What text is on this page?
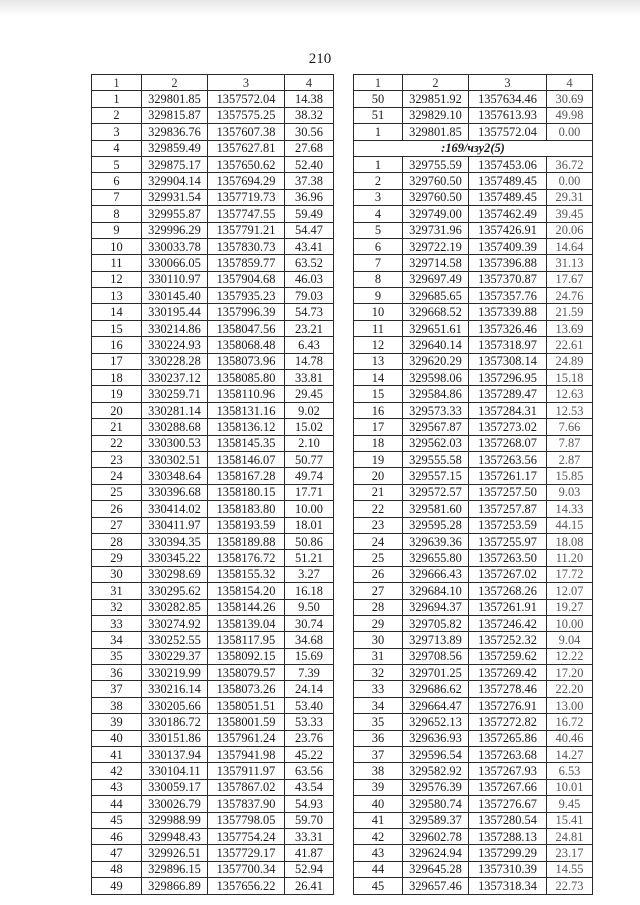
210
1	2	3	4
1	329801.85	1357572.04	14.38
2	329815.87	1357575.25	38.32
3	329836.76	1357607.38	30.56
4	329859.49	1357627.81	27.68
5	329875.17	1357650.62	52.40
6	329904.14	1357694.29	37.38
7	329931.54	1357719.73	36.96
8	329955.87	1357747.55	59.49
9	329996.29	1357791.21	54.47
10	330033.78	1357830.73	43.41
11	330066.05	1357859.77	63.52
12	330110.97	1357904.68	46.03
13	330145.40	1357935.23	79.03
14	330195.44	1357996.39	54.73
15	330214.86	1358047.56	23.21
16	330224.93	1358068.48	6.43
17	330228.28	1358073.96	14.78
18	330237.12	1358085.80	33.81
19	330259.71	1358110.96	29.45
20	330281.14	1358131.16	9.02
21	330288.68	1358136.12	15.02
22	330300.53	1358145.35	2.10
23	330302.51	1358146.07	50.77
24	330348.64	1358167.28	49.74
25	330396.68	1358180.15	17.71
26	330414.02	1358183.80	10.00
27	330411.97	1358193.59	18.01
28	330394.35	1358189.88	50.86
29	330345.22	1358176.72	51.21
30	330298.69	1358155.32	3.27
31	330295.62	1358154.20	16.18
32	330282.85	1358144.26	9.50
33	330274.92	1358139.04	30.74
34	330252.55	1358117.95	34.68
35	330229.37	1358092.15	15.69
36	330219.99	1358079.57	7.39
37	330216.14	1358073.26	24.14
38	330205.66	1358051.51	53.40
39	330186.72	1358001.59	53.33
40	330151.86	1357961.24	23.76
41	330137.94	1357941.98	45.22
42	330104.11	1357911.97	63.56
43	330059.17	1357867.02	43.54
44	330026.79	1357837.90	54.93
45	329988.99	1357798.05	59.70
46	329948.43	1357754.24	33.31
47	329926.51	1357729.17	41.87
48	329896.15	1357700.34	52.94
49	329866.89	1357656.22	26.41
1	2	3	4
50	329851.92	1357634.46	30.69
51	329829.10	1357613.93	49.98
1	329801.85	1357572.04	0.00
:169/чзу2(5)			
1	329755.59	1357453.06	36.72
2	329760.50	1357489.45	0.00
3	329760.50	1357489.45	29.31
4	329749.00	1357462.49	39.45
5	329731.96	1357426.91	20.06
6	329722.19	1357409.39	14.64
7	329714.58	1357396.88	31.13
8	329697.49	1357370.87	17.67
9	329685.65	1357357.76	24.76
10	329668.52	1357339.88	21.59
11	329651.61	1357326.46	13.69
12	329640.14	1357318.97	22.61
13	329620.29	1357308.14	24.89
14	329598.06	1357296.95	15.18
15	329584.86	1357289.47	12.63
16	329573.33	1357284.31	12.53
17	329567.87	1357273.02	7.66
18	329562.03	1357268.07	7.87
19	329555.58	1357263.56	2.87
20	329557.15	1357261.17	15.85
21	329572.57	1357257.50	9.03
22	329581.60	1357257.87	14.33
23	329595.28	1357253.59	44.15
24	329639.36	1357255.97	18.08
25	329655.80	1357263.50	11.20
26	329666.43	1357267.02	17.72
27	329684.10	1357268.26	12.07
28	329694.37	1357261.91	19.27
29	329705.82	1357246.42	10.00
30	329713.89	1357252.32	9.04
31	329708.56	1357259.62	12.22
32	329701.25	1357269.42	17.20
33	329686.62	1357278.46	22.20
34	329664.47	1357276.91	13.00
35	329652.13	1357272.82	16.72
36	329636.93	1357265.86	40.46
37	329596.54	1357263.68	14.27
38	329582.92	1357267.93	6.53
39	329576.39	1357267.66	10.01
40	329580.74	1357276.67	9.45
41	329589.37	1357280.54	15.41
42	329602.78	1357288.13	24.81
43	329624.94	1357299.29	23.17
44	329645.28	1357310.39	14.55
45	329657.46	1357318.34	22.73
